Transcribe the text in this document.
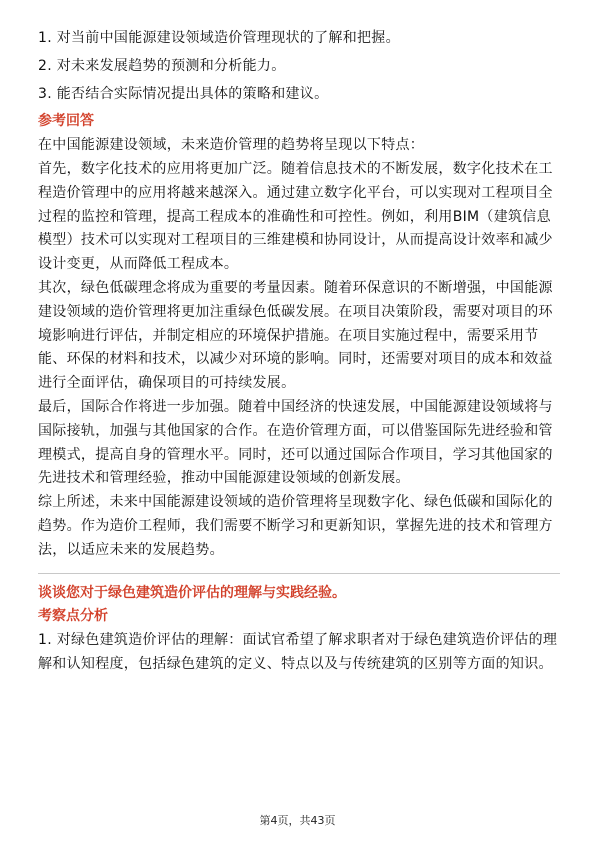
1. 对当前中国能源建设领域造价管理现状的了解和把握。
2. 对未来发展趋势的预测和分析能力。
3. 能否结合实际情况提出具体的策略和建议。
参考回答
在中国能源建设领域，未来造价管理的趋势将呈现以下特点：
首先，数字化技术的应用将更加广泛。随着信息技术的不断发展，数字化技术在工
程造价管理中的应用将越来越深入。通过建立数字化平台，可以实现对工程项目全
过程的监控和管理，提高工程成本的准确性和可控性。例如，利用BIM（建筑信息
模型）技术可以实现对工程项目的三维建模和协同设计，从而提高设计效率和减少
设计变更，从而降低工程成本。
其次，绿色低碳理念将成为重要的考量因素。随着环保意识的不断增强，中国能源
建设领域的造价管理将更加注重绿色低碳发展。在项目决策阶段，需要对项目的环
境影响进行评估，并制定相应的环境保护措施。在项目实施过程中，需要采用节
能、环保的材料和技术，以减少对环境的影响。同时，还需要对项目的成本和效益
进行全面评估，确保项目的可持续发展。
最后，国际合作将进一步加强。随着中国经济的快速发展，中国能源建设领域将与
国际接轨，加强与其他国家的合作。在造价管理方面，可以借鉴国际先进经验和管
理模式，提高自身的管理水平。同时，还可以通过国际合作项目，学习其他国家的
先进技术和管理经验，推动中国能源建设领域的创新发展。
综上所述，未来中国能源建设领域的造价管理将呈现数字化、绿色低碳和国际化的
趋势。作为造价工程师，我们需要不断学习和更新知识，掌握先进的技术和管理方
法，以适应未来的发展趋势。
谈谈您对于绿色建筑造价评估的理解与实践经验。
考察点分析
1. 对绿色建筑造价评估的理解：面试官希望了解求职者对于绿色建筑造价评估的理
解和认知程度，包括绿色建筑的定义、特点以及与传统建筑的区别等方面的知识。
第4页，共43页
